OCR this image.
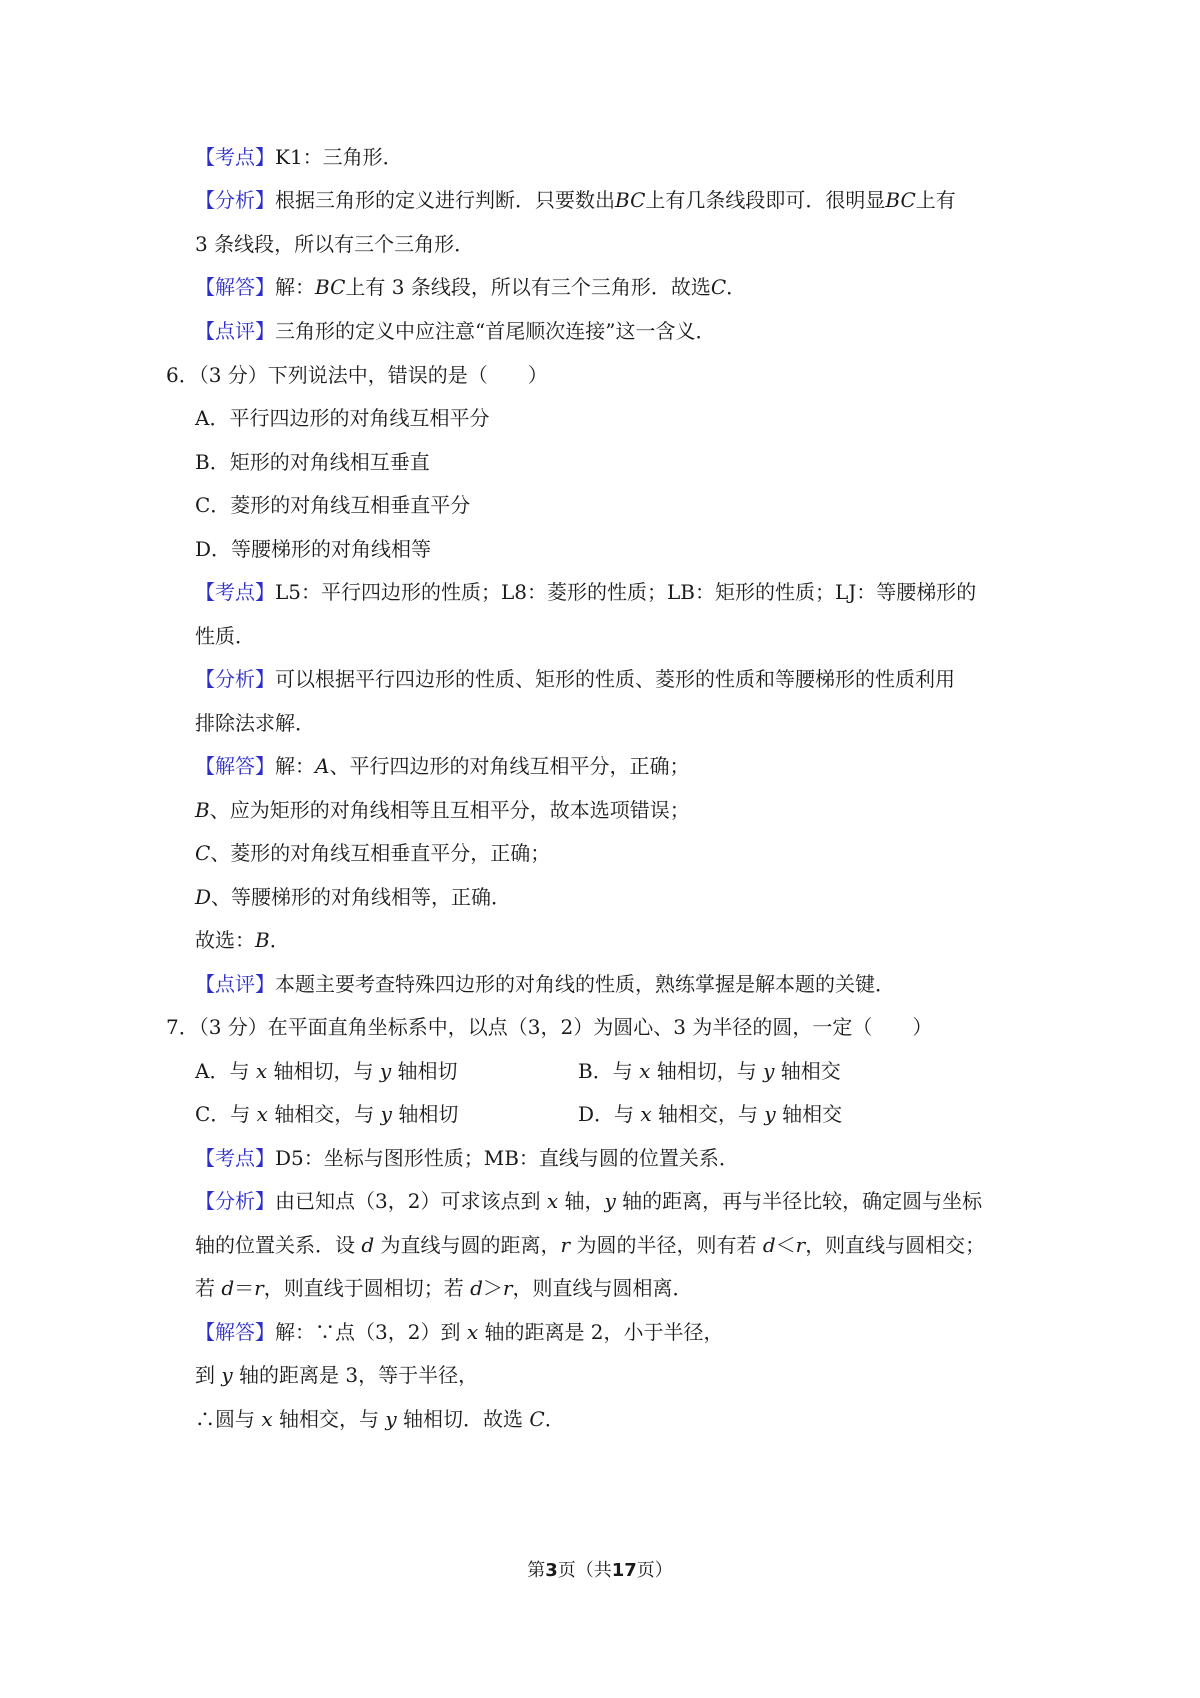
【考点】K1：三角形．
【分析】根据三角形的定义进行判断．只要数出BC上有几条线段即可．很明显BC上有
3 条线段，所以有三个三角形．
【解答】解：BC上有 3 条线段，所以有三个三角形．故选C．
【点评】三角形的定义中应注意“首尾顺次连接”这一含义．
6．（3 分）下列说法中，错误的是（　　）
A．平行四边形的对角线互相平分
B．矩形的对角线相互垂直
C．菱形的对角线互相垂直平分
D．等腰梯形的对角线相等
【考点】L5：平行四边形的性质；L8：菱形的性质；LB：矩形的性质；LJ：等腰梯形的
性质．
【分析】可以根据平行四边形的性质、矩形的性质、菱形的性质和等腰梯形的性质利用
排除法求解．
【解答】解：A、平行四边形的对角线互相平分，正确；
B、应为矩形的对角线相等且互相平分，故本选项错误；
C、菱形的对角线互相垂直平分，正确；
D、等腰梯形的对角线相等，正确．
故选：B．
【点评】本题主要考查特殊四边形的对角线的性质，熟练掌握是解本题的关键．
7．（3 分）在平面直角坐标系中，以点（3，2）为圆心、3 为半径的圆，一定（　　）
A．与 x 轴相切，与 y 轴相切	B．与 x 轴相切，与 y 轴相交
C．与 x 轴相交，与 y 轴相切	D．与 x 轴相交，与 y 轴相交
【考点】D5：坐标与图形性质；MB：直线与圆的位置关系．
【分析】由已知点（3，2）可求该点到 x 轴，y 轴的距离，再与半径比较，确定圆与坐标
轴的位置关系．设 d 为直线与圆的距离，r 为圆的半径，则有若 d＜r，则直线与圆相交；
若 d＝r，则直线于圆相切；若 d＞r，则直线与圆相离．
【解答】解：∵点（3，2）到 x 轴的距离是 2，小于半径，
到 y 轴的距离是 3，等于半径，
∴圆与 x 轴相交，与 y 轴相切．故选 C．
第3页（共17页）
